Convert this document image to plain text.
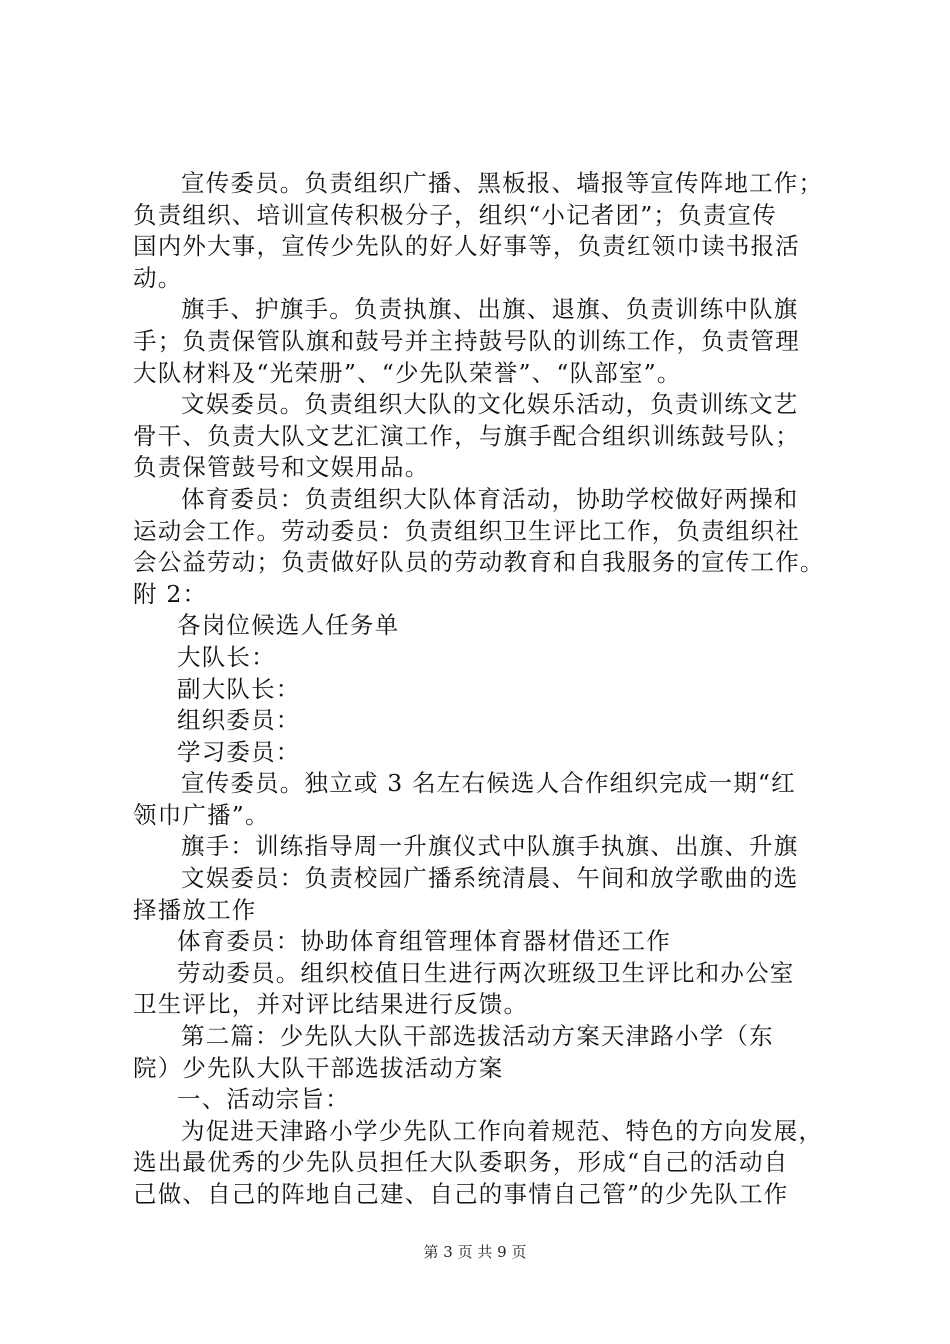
宣传委员。负责组织广播、黑板报、墙报等宣传阵地工作；
负责组织、培训宣传积极分子，组织“小记者团”；负责宣传
国内外大事，宣传少先队的好人好事等，负责红领巾读书报活
动。
旗手、护旗手。负责执旗、出旗、退旗、负责训练中队旗
手；负责保管队旗和鼓号并主持鼓号队的训练工作，负责管理
大队材料及“光荣册”、“少先队荣誉”、“队部室”。
文娱委员。负责组织大队的文化娱乐活动，负责训练文艺
骨干、负责大队文艺汇演工作，与旗手配合组织训练鼓号队；
负责保管鼓号和文娱用品。
体育委员：负责组织大队体育活动，协助学校做好两操和
运动会工作。劳动委员：负责组织卫生评比工作，负责组织社
会公益劳动；负责做好队员的劳动教育和自我服务的宣传工作。
附 2：
各岗位候选人任务单
大队长：
副大队长：
组织委员：
学习委员：
宣传委员。独立或 3 名左右候选人合作组织完成一期“红
领巾广播”。
旗手：训练指导周一升旗仪式中队旗手执旗、出旗、升旗
文娱委员：负责校园广播系统清晨、午间和放学歌曲的选
择播放工作
体育委员：协助体育组管理体育器材借还工作
劳动委员。组织校值日生进行两次班级卫生评比和办公室
卫生评比，并对评比结果进行反馈。
第二篇：少先队大队干部选拔活动方案天津路小学（东
院）少先队大队干部选拔活动方案
一、活动宗旨：
为促进天津路小学少先队工作向着规范、特色的方向发展，
选出最优秀的少先队员担任大队委职务，形成“自己的活动自
己做、自己的阵地自己建、自己的事情自己管”的少先队工作
第 3 页 共 9 页
